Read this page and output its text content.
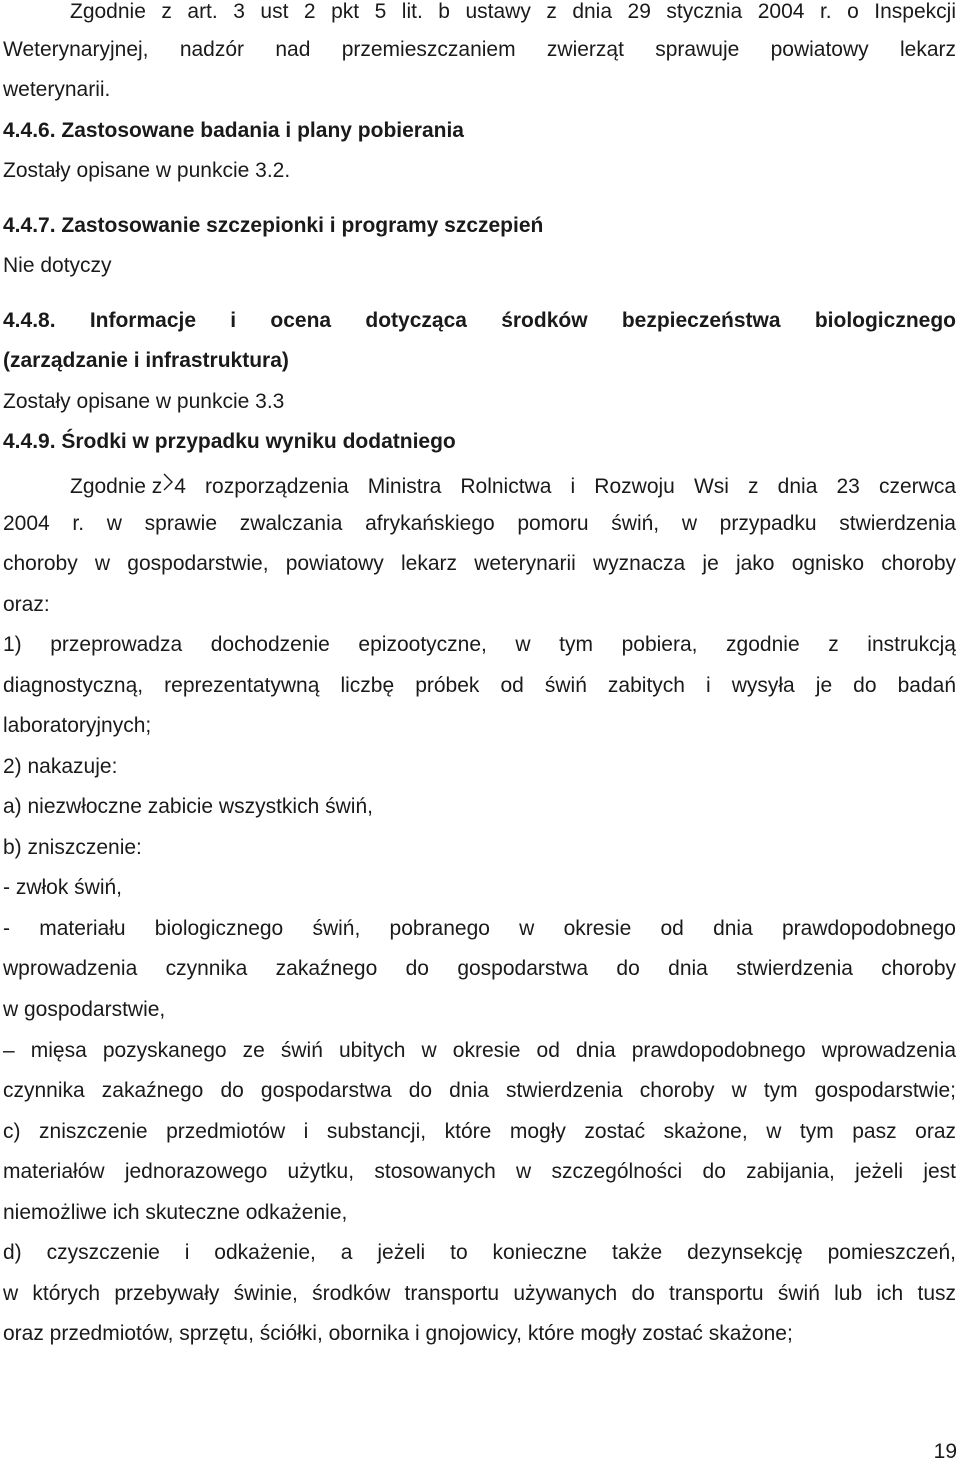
Zgodnie z art. 3 ust 2 pkt 5 lit. b ustawy z dnia 29 stycznia 2004 r. o Inspekcji
Weterynaryjnej, nadzór nad przemieszczaniem zwierząt sprawuje powiatowy lekarz
weterynarii.
4.4.6. Zastosowane badania i plany pobierania
Zostały opisane w punkcie 3.2.
4.4.7. Zastosowanie szczepionki i programy szczepień
Nie dotyczy
4.4.8. Informacje i ocena dotycząca środków bezpieczeństwa biologicznego
(zarządzanie i infrastruktura)
Zostały opisane w punkcie 3.3
4.4.9. Środki w przypadku wyniku dodatniego
Zgodnie z 4 rozporządzenia Ministra Rolnictwa i Rozwoju Wsi z dnia 23 czerwca
2004 r. w sprawie zwalczania afrykańskiego pomoru świń, w przypadku stwierdzenia
choroby w gospodarstwie, powiatowy lekarz weterynarii wyznacza je jako ognisko choroby
oraz:
1) przeprowadza dochodzenie epizootyczne, w tym pobiera, zgodnie z instrukcją
diagnostyczną, reprezentatywną liczbę próbek od świń zabitych i wysyła je do badań
laboratoryjnych;
2) nakazuje:
a) niezwłoczne zabicie wszystkich świń,
b) zniszczenie:
- zwłok świń,
- materiału biologicznego świń, pobranego w okresie od dnia prawdopodobnego
wprowadzenia czynnika zakaźnego do gospodarstwa do dnia stwierdzenia choroby
w gospodarstwie,
– mięsa pozyskanego ze świń ubitych w okresie od dnia prawdopodobnego wprowadzenia
czynnika zakaźnego do gospodarstwa do dnia stwierdzenia choroby w tym gospodarstwie;
c) zniszczenie przedmiotów i substancji, które mogły zostać skażone, w tym pasz oraz
materiałów jednorazowego użytku, stosowanych w szczególności do zabijania, jeżeli jest
niemożliwe ich skuteczne odkażenie,
d) czyszczenie i odkażenie, a jeżeli to konieczne także dezynsekcję pomieszczeń,
w których przebywały świnie, środków transportu używanych do transportu świń lub ich tusz
oraz przedmiotów, sprzętu, ściółki, obornika i gnojowicy, które mogły zostać skażone;
19
